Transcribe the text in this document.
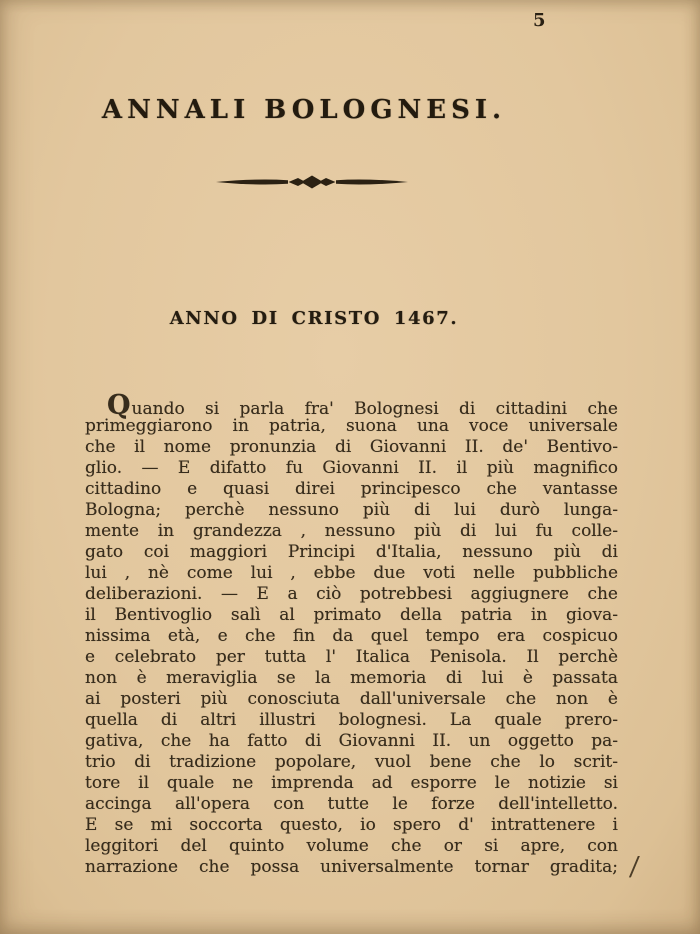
5
ANNALI BOLOGNESI.
ANNO DI CRISTO 1467.
Quando si parla fra' Bolognesi di cittadini che
primeggiarono in patria, suona una voce universale
che il nome pronunzia di Giovanni II. de' Bentivo-
glio. — E difatto fu Giovanni II. il più magnifico
cittadino e quasi direi principesco che vantasse
Bologna; perchè nessuno più di lui durò lunga-
mente in grandezza , nessuno più di lui fu colle-
gato coi maggiori Principi d'Italia, nessuno più di
lui , nè come lui , ebbe due voti nelle pubbliche
deliberazioni. — E a ciò potrebbesi aggiugnere che
il Bentivoglio salì al primato della patria in giova-
nissima età, e che fin da quel tempo era cospicuo
e celebrato per tutta l' Italica Penisola. Il perchè
non è meraviglia se la memoria di lui è passata
ai posteri più conosciuta dall'universale che non è
quella di altri illustri bolognesi. La quale prero-
gativa, che ha fatto di Giovanni II. un oggetto pa-
trio di tradizione popolare, vuol bene che lo scrit-
tore il quale ne imprenda ad esporre le notizie si
accinga all'opera con tutte le forze dell'intelletto.
E se mi soccorta questo, io spero d' intrattenere i
leggitori del quinto volume che or si apre, con
narrazione che possa universalmente tornar gradita; /
